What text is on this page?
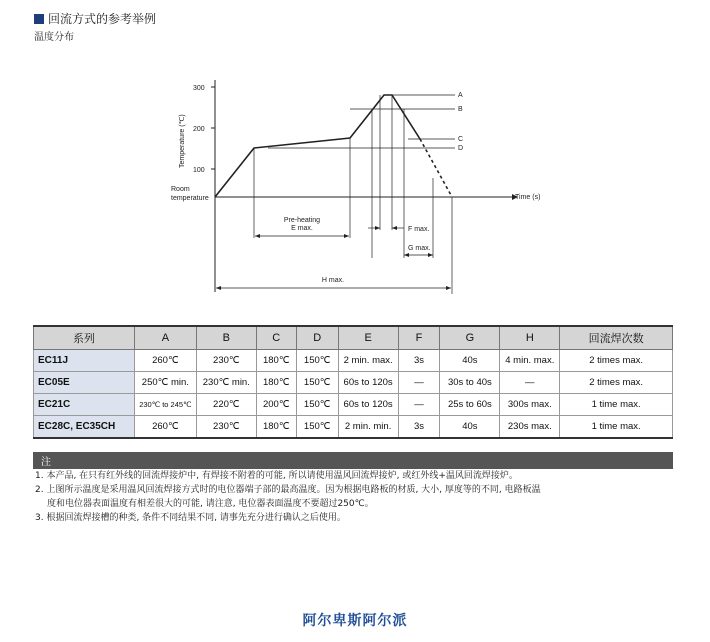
回流方式的参考举例
温度分布
300
200
100
Room
temperature
Temperature (℃)
Time (s)
A
B
C
D
Pre-heating
E max.	F max.
G max.
H max.
系列	A	B	C	D	E	F	G	H	回流焊次数
EC11J	260℃	230℃	180℃	150℃	2 min. max.	3s	40s	4 min. max.	2 times max.
EC05E	250℃ min.	230℃ min.	180℃	150℃	60s to 120s	—	30s to 40s	—	2 times max.
EC21C	230℃ to 245℃	220℃	200℃	150℃	60s to 120s	—	25s to 60s	300s max.	1 time max.
EC28C, EC35CH	260℃	230℃	180℃	150℃	2 min. min.	3s	40s	230s max.	1 time max.
注
1. 本产品, 在只有红外线的回流焊接炉中, 有焊接不附着的可能, 所以请使用温风回流焊接炉, 或红外线+温风回流焊接炉。
2. 上图所示温度是采用温风回流焊接方式时的电位器端子部的最高温度。因为根据电路板的材质, 大小, 厚度等的不同, 电路板温
度和电位器表面温度有相差很大的可能, 请注意, 电位器表面温度不要超过250℃。
3. 根据回流焊接槽的种类, 条件不同结果不同, 请事先充分进行确认之后使用。
阿尔卑斯阿尔派
